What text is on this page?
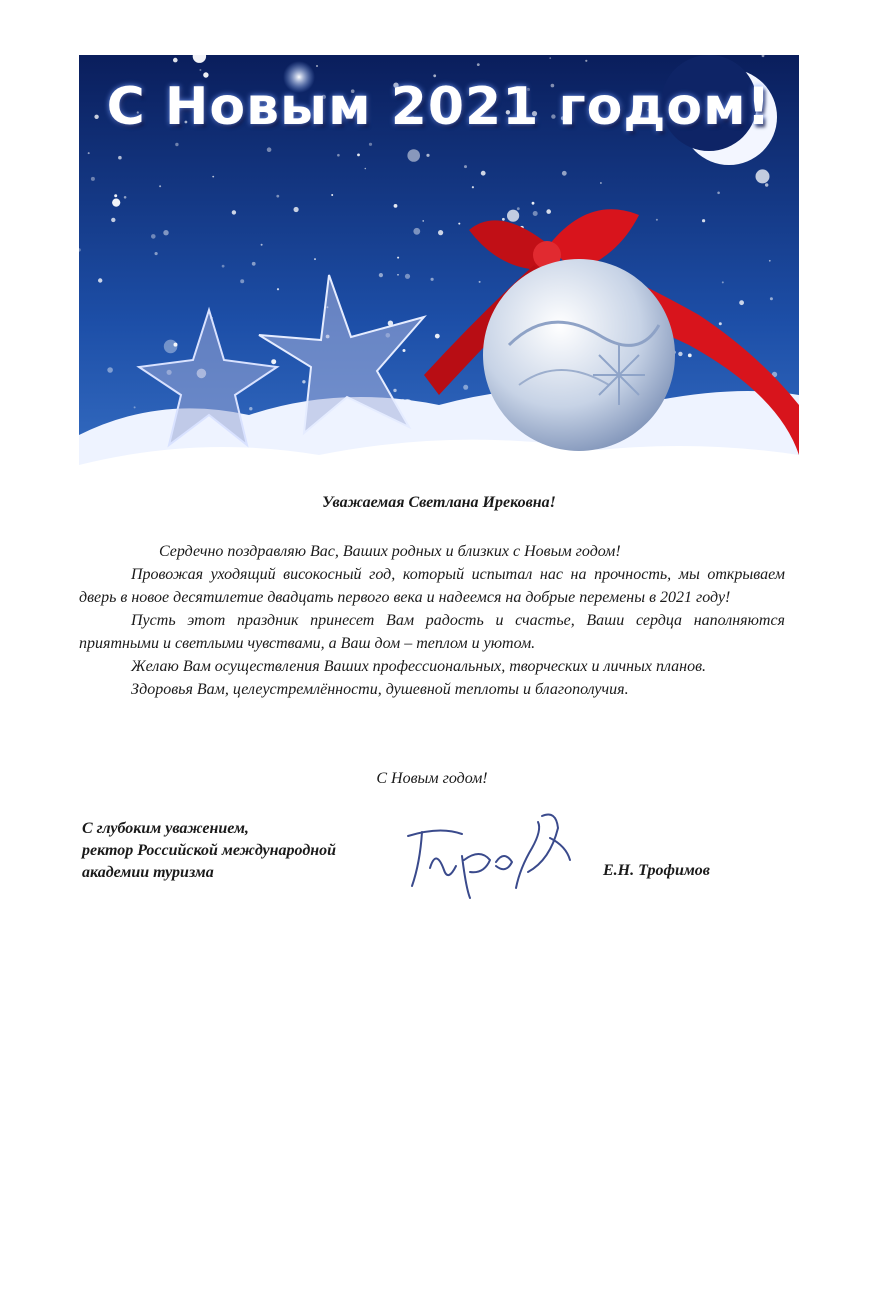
С Новым 2021 годом!
Уважаемая Светлана Ирековна!

Сердечно поздравляю Вас, Ваших родных и близких с Новым годом!

Провожая уходящий високосный год, который испытал нас на прочность, мы открываем дверь в новое десятилетие двадцать первого века и надеемся на добрые перемены в 2021 году!

Пусть этот праздник принесет Вам радость и счастье, Ваши сердца наполняются приятными и светлыми чувствами, а Ваш дом – теплом и уютом.

Желаю Вам осуществления Ваших профессиональных, творческих и личных планов.

Здоровья Вам, целеустремлённости, душевной теплоты и благополучия.

С Новым годом!
С глубоким уважением,
ректор Российской международной
академии туризма	Е.Н. Трофимов
